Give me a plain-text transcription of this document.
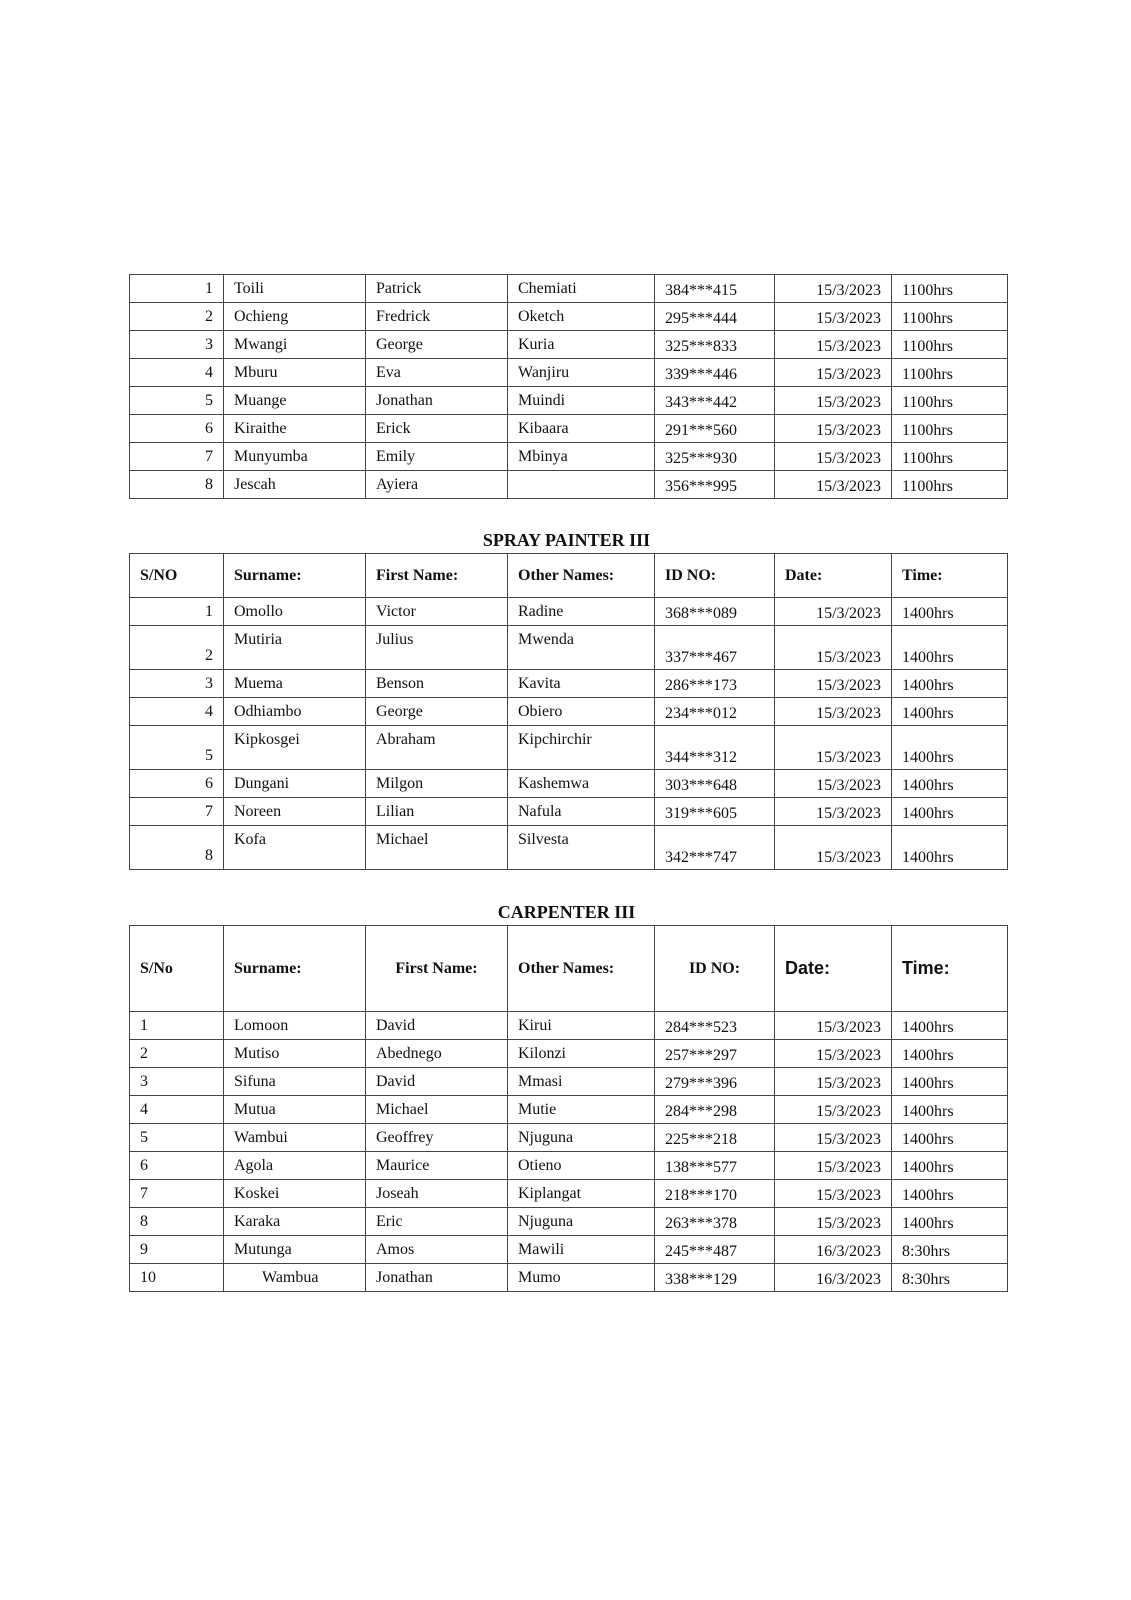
1	Toili	Patrick	Chemiati	384***415	15/3/2023	1100hrs
2	Ochieng	Fredrick	Oketch	295***444	15/3/2023	1100hrs
3	Mwangi	George	Kuria	325***833	15/3/2023	1100hrs
4	Mburu	Eva	Wanjiru	339***446	15/3/2023	1100hrs
5	Muange	Jonathan	Muindi	343***442	15/3/2023	1100hrs
6	Kiraithe	Erick	Kibaara	291***560	15/3/2023	1100hrs
7	Munyumba	Emily	Mbinya	325***930	15/3/2023	1100hrs
8	Jescah	Ayiera		356***995	15/3/2023	1100hrs
SPRAY PAINTER III
S/NO	Surname:	First Name:	Other Names:	ID NO:	Date:	Time:
1	Omollo	Victor	Radine	368***089	15/3/2023	1400hrs
2	Mutiria	Julius	Mwenda	337***467	15/3/2023	1400hrs
3	Muema	Benson	Kavita	286***173	15/3/2023	1400hrs
4	Odhiambo	George	Obiero	234***012	15/3/2023	1400hrs
5	Kipkosgei	Abraham	Kipchirchir	344***312	15/3/2023	1400hrs
6	Dungani	Milgon	Kashemwa	303***648	15/3/2023	1400hrs
7	Noreen	Lilian	Nafula	319***605	15/3/2023	1400hrs
8	Kofa	Michael	Silvesta	342***747	15/3/2023	1400hrs
CARPENTER III
S/No	Surname:	First Name:	Other Names:	ID NO:	Date:	Time:
1	Lomoon	David	Kirui	284***523	15/3/2023	1400hrs
2	Mutiso	Abednego	Kilonzi	257***297	15/3/2023	1400hrs
3	Sifuna	David	Mmasi	279***396	15/3/2023	1400hrs
4	Mutua	Michael	Mutie	284***298	15/3/2023	1400hrs
5	Wambui	Geoffrey	Njuguna	225***218	15/3/2023	1400hrs
6	Agola	Maurice	Otieno	138***577	15/3/2023	1400hrs
7	Koskei	Joseah	Kiplangat	218***170	15/3/2023	1400hrs
8	Karaka	Eric	Njuguna	263***378	15/3/2023	1400hrs
9	Mutunga	Amos	Mawili	245***487	16/3/2023	8:30hrs
10	Wambua	Jonathan	Mumo	338***129	16/3/2023	8:30hrs
